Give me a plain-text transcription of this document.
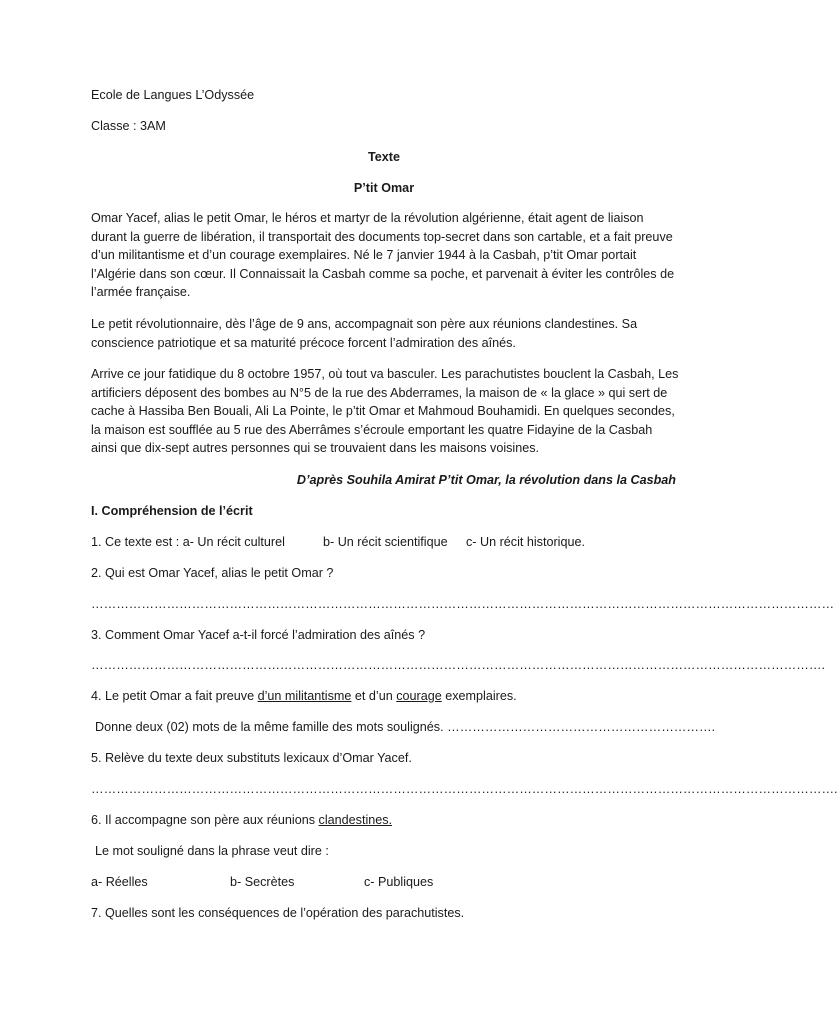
Ecole de Langues L’Odyssée
Classe : 3AM
Texte
P’tit Omar
Omar Yacef, alias le petit Omar, le héros et martyr de la révolution algérienne, était agent de liaison durant la guerre de libération, il transportait des documents top-secret dans son cartable, et a fait preuve d’un militantisme et d’un courage exemplaires. Né le 7 janvier 1944 à la Casbah, p’tit Omar portait l’Algérie dans son cœur. Il Connaissait la Casbah comme sa poche, et parvenait à éviter les contrôles de l’armée française.
Le petit révolutionnaire, dès l’âge de 9 ans, accompagnait son père aux réunions clandestines. Sa conscience patriotique et sa maturité précoce forcent l’admiration des aînés.
Arrive ce jour fatidique du 8 octobre 1957, où tout va basculer. Les parachutistes bouclent la Casbah, Les artificiers déposent des bombes au N°5 de la rue des Abderrames, la maison de « la glace » qui sert de cache à Hassiba Ben Bouali, Ali La Pointe, le p’tit Omar et Mahmoud Bouhamidi. En quelques secondes, la maison est soufflée au 5 rue des Aberrâmes s’écroule emportant les quatre Fidayine de la Casbah ainsi que dix-sept autres personnes qui se trouvaient dans les maisons voisines.
D’après Souhila Amirat P’tit Omar, la révolution dans la Casbah
I. Compréhension de l’écrit
1. Ce texte est : a- Un récit culturel	b- Un récit scientifique c- Un récit historique.
2. Qui est Omar Yacef, alias le petit Omar ?
……………………………………………………………………………………………………………………………………………………………
3. Comment Omar Yacef a-t-il forcé l’admiration des aînés ?
………………………………………………………………………………………………………………………………………………………….
4. Le petit Omar a fait preuve d’un militantisme et d’un courage exemplaires.
Donne deux (02) mots de la même famille des mots soulignés. ……………………………………………………….
5. Relève du texte deux substituts lexicaux d’Omar Yacef.
…………………………………………………………………………………………………………………………………………………………….
6. Il accompagne son père aux réunions clandestines.
Le mot souligné dans la phrase veut dire :
a- Réelles	b- Secrètes	c- Publiques
7. Quelles sont les conséquences de l’opération des parachutistes.
